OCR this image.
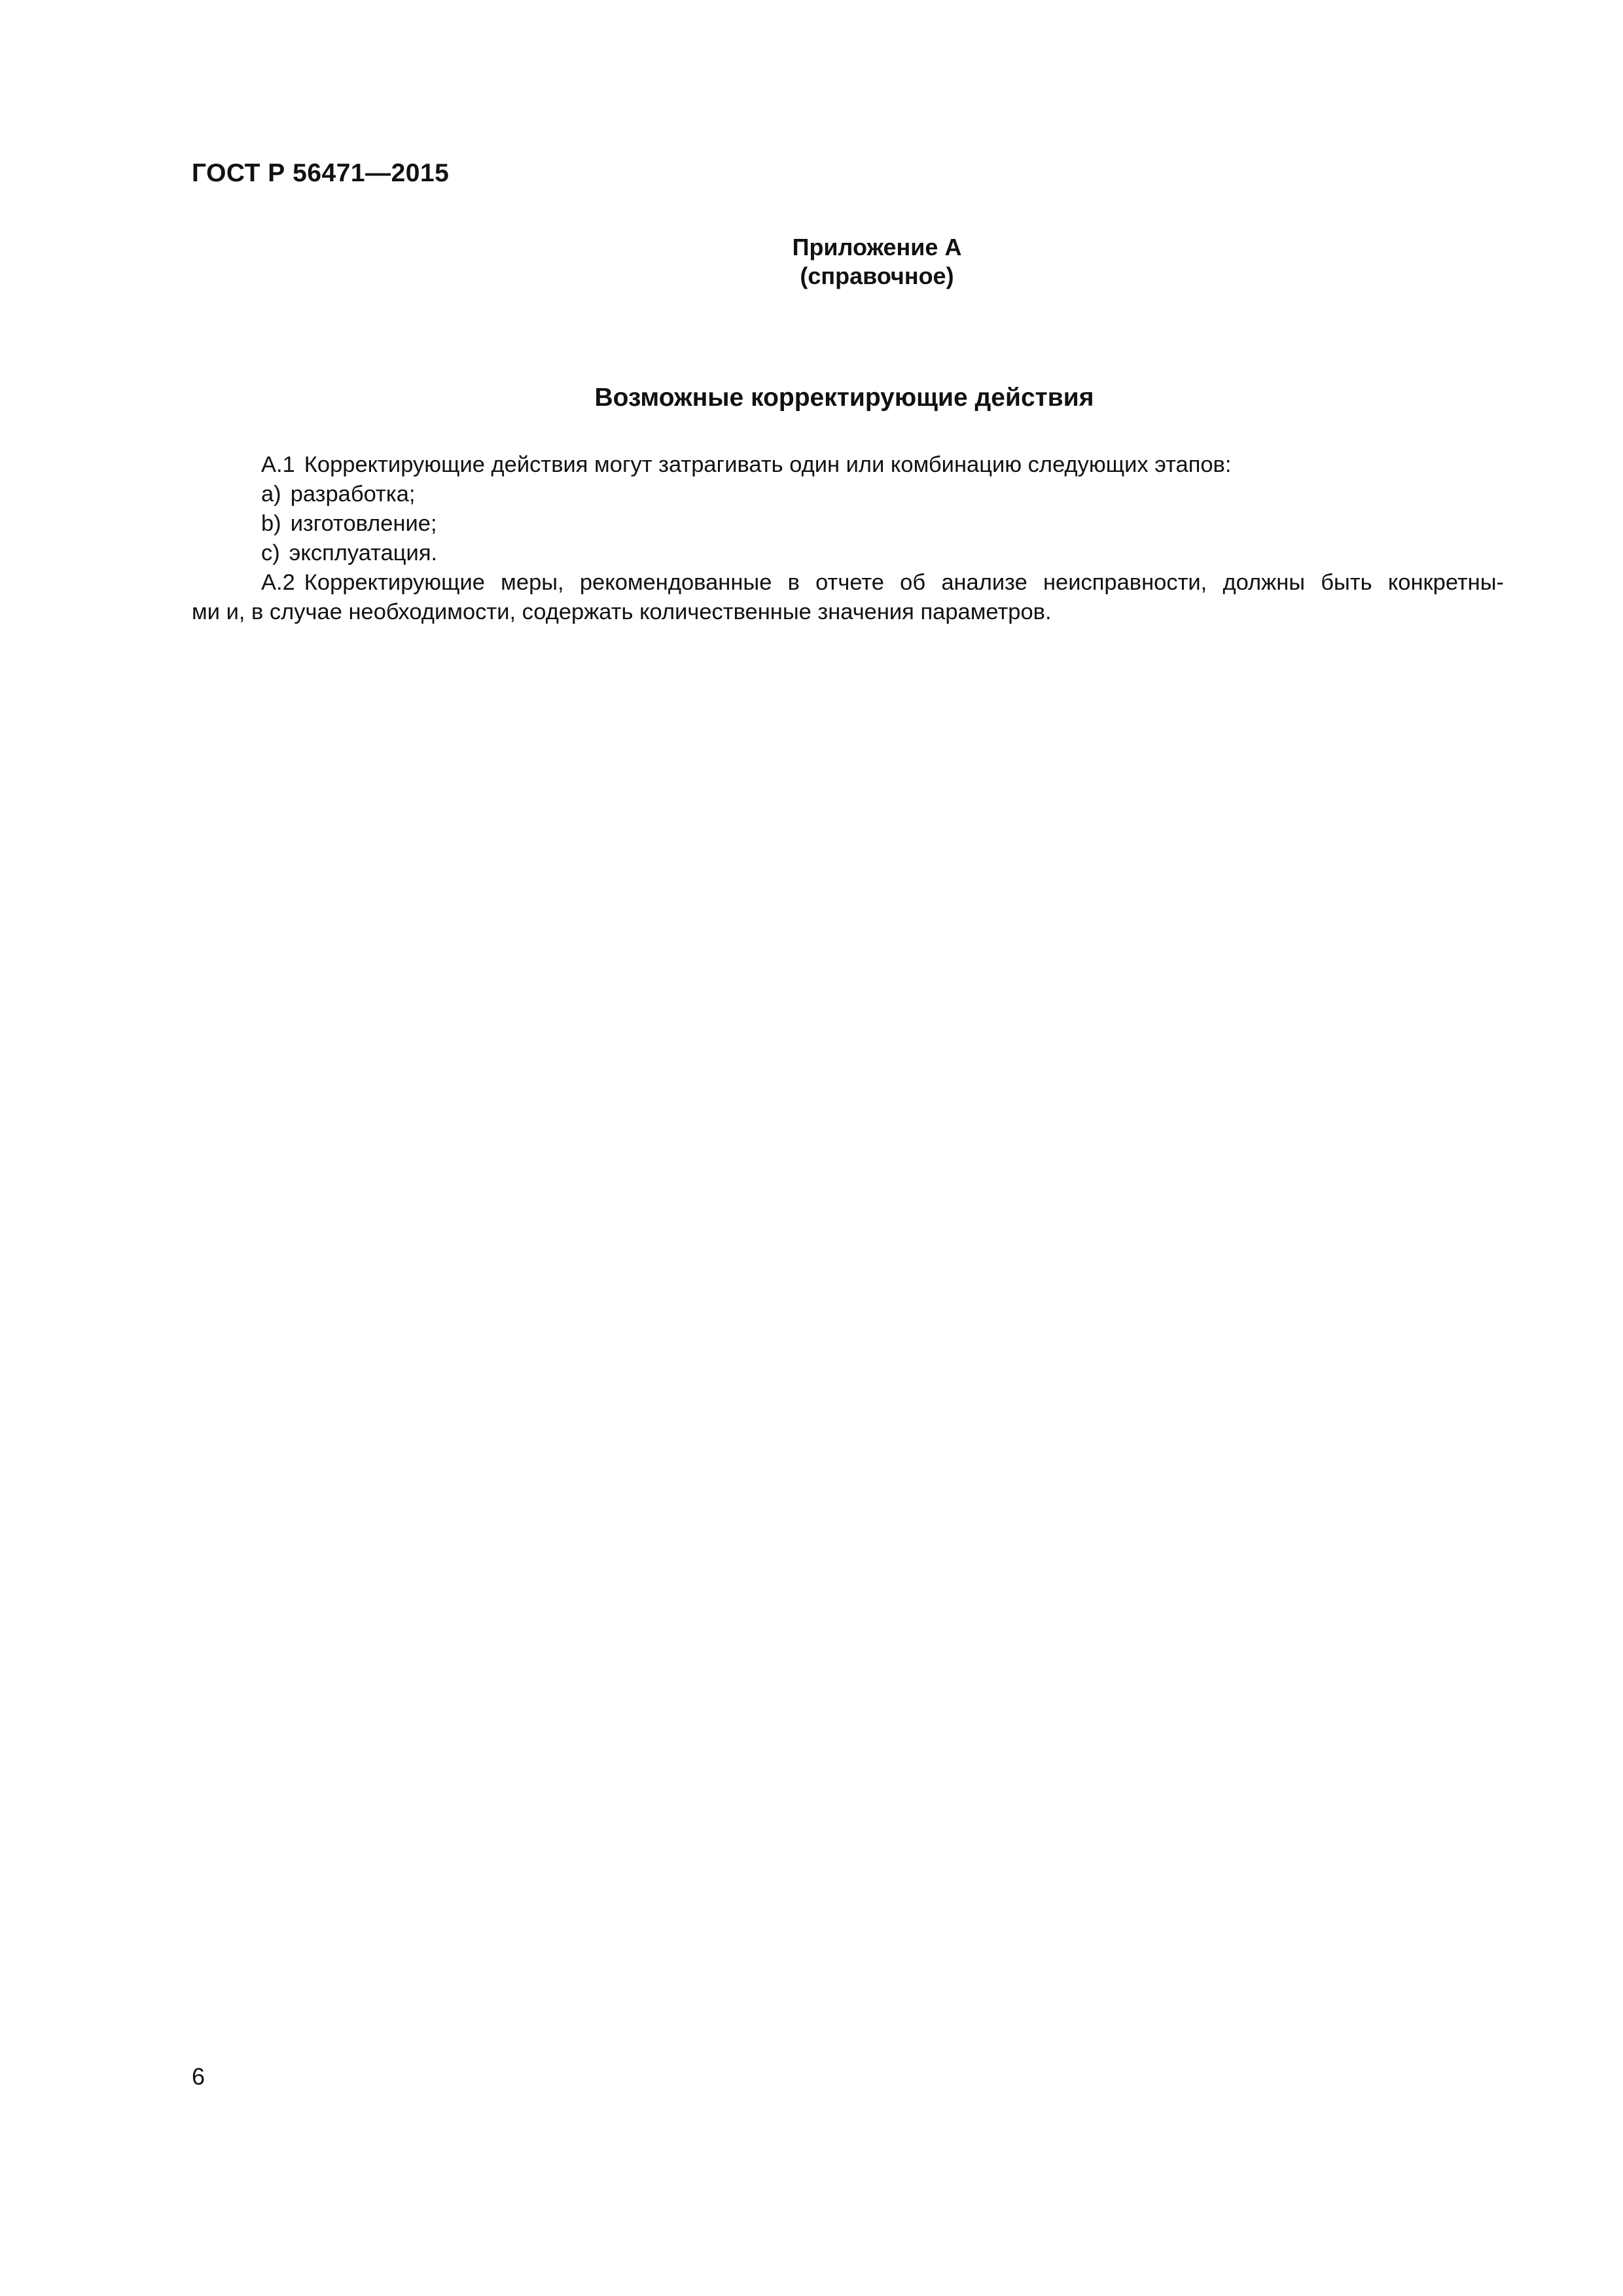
ГОСТ Р 56471—2015
Приложение А
(справочное)
Возможные корректирующие действия
А.1 Корректирующие действия могут затрагивать один или комбинацию следующих этапов:
a) разработка;
b) изготовление;
c) эксплуатация.
А.2 Корректирующие меры, рекомендованные в отчете об анализе неисправности, должны быть конкретны-
ми и, в случае необходимости, содержать количественные значения параметров.
6
